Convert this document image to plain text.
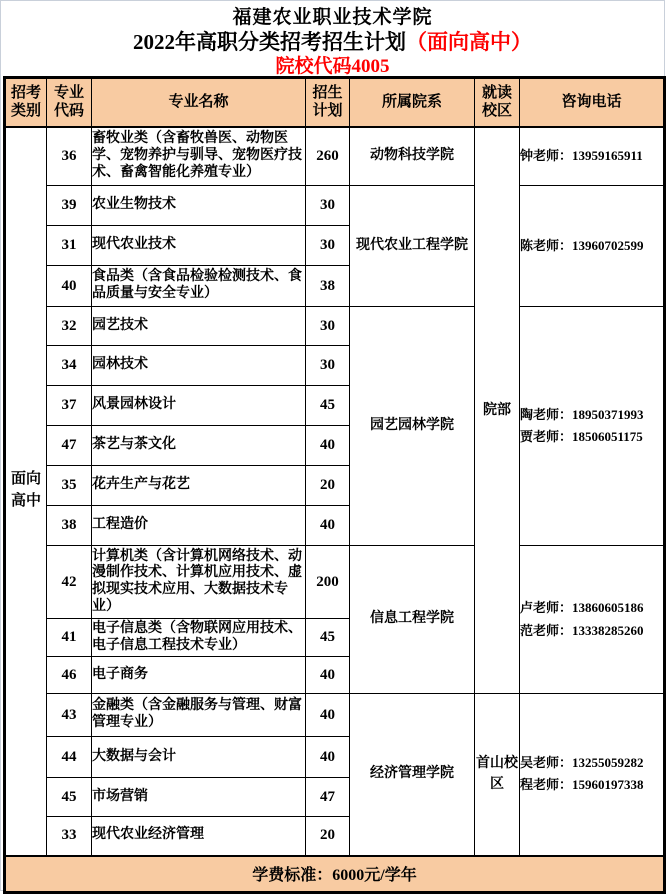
福建农业职业技术学院
2022年高职分类招考招生计划（面向高中）
院校代码4005
招考类别	专业代码	专业名称	招生计划	所属院系	就读校区	咨询电话
面向高中	36	畜牧业类（含畜牧兽医、动物医学、宠物养护与驯导、宠物医疗技术、畜禽智能化养殖专业）	260	动物科技学院	院部	钟老师：13959165911

	39	农业生物技术	30	现代农业工程学院		陈老师：13960702599

	31	现代农业技术	30			
	40	食品类（含食品检验检测技术、食品质量与安全专业）	38			
	32	园艺技术	30	园艺园林学院		陶老师：18950371993
贾老师：18506051175

	34	园林技术	30			
	37	风景园林设计	45			
	47	茶艺与茶文化	40			
	35	花卉生产与花艺	20			
	38	工程造价	40			
	42	计算机类（含计算机网络技术、动漫制作技术、计算机应用技术、虚拟现实技术应用、大数据技术专业）	200	信息工程学院		卢老师：13860605186
范老师：13338285260

	41	电子信息类（含物联网应用技术、电子信息工程技术专业）	45			
	46	电子商务	40			
	43	金融类（含金融服务与管理、财富管理专业）	40	经济管理学院	首山校区	吴老师：13255059282
程老师：15960197338

	44	大数据与会计	40			
	45	市场营销	47			
	33	现代农业经济管理	20			
学费标准：6000元/学年						
